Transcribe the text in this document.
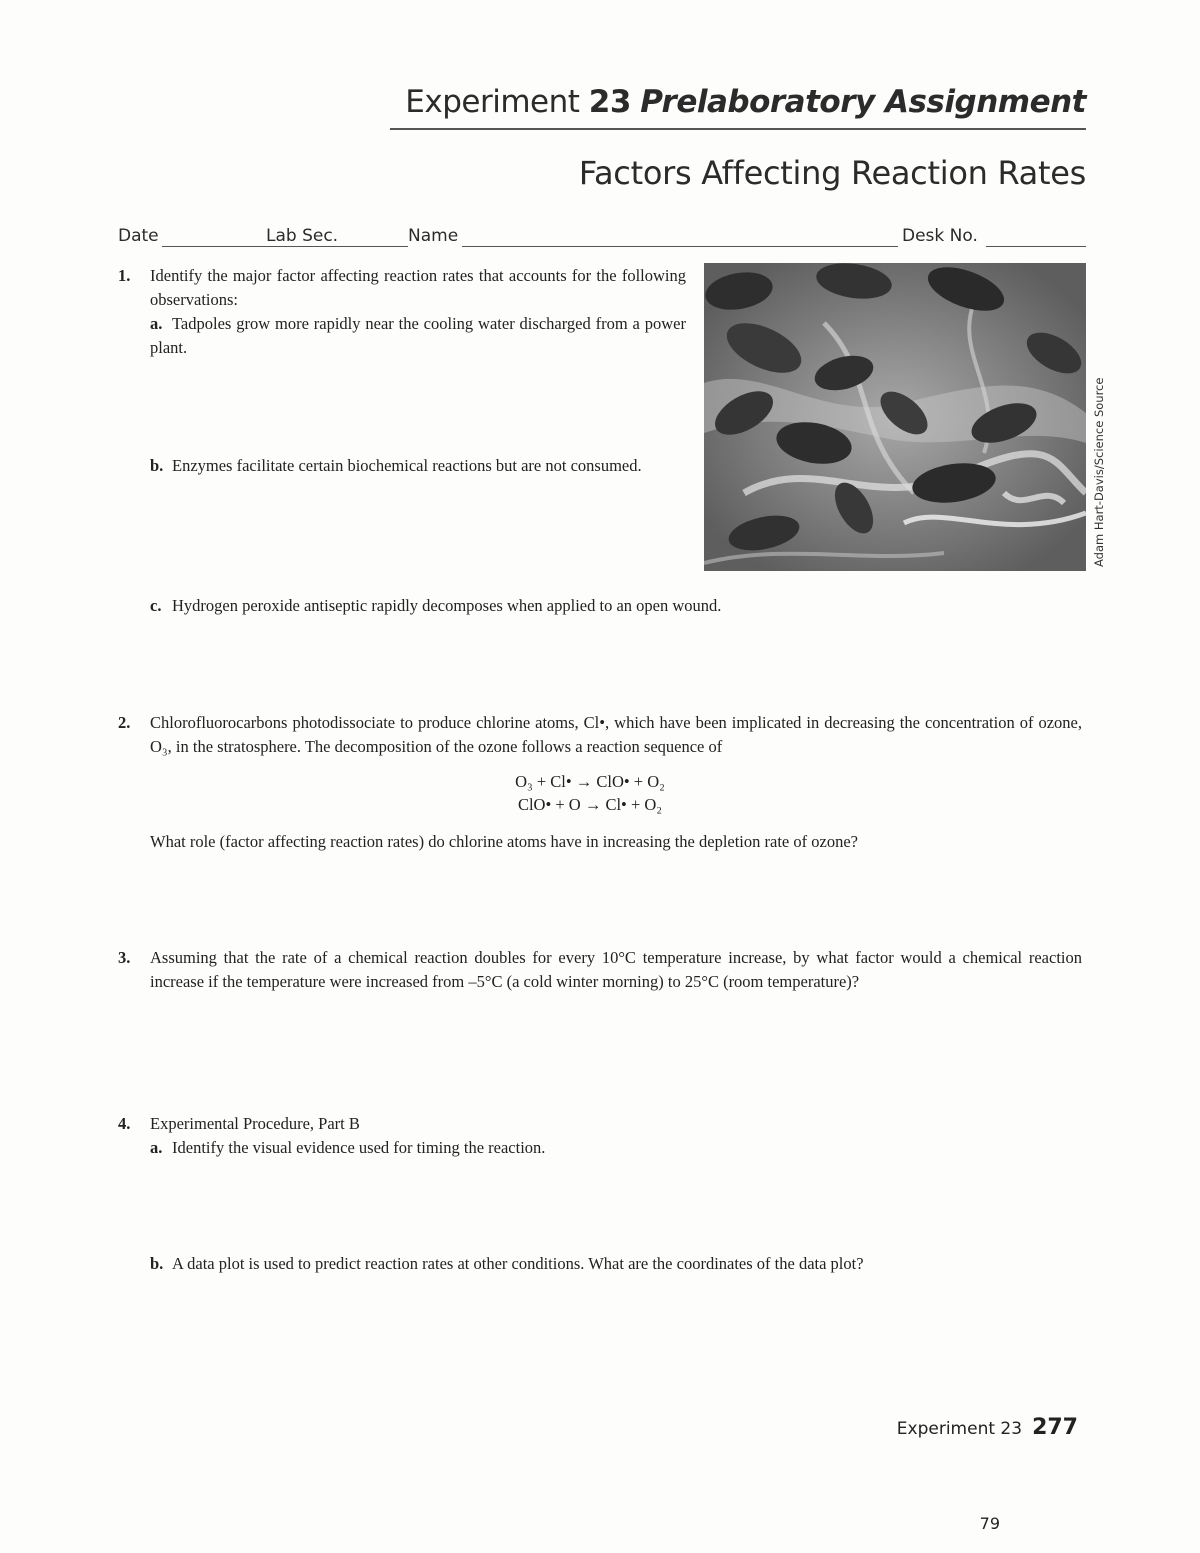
Experiment 23 Prelaboratory Assignment
Factors Affecting Reaction Rates
Date	Lab Sec.	Name	Desk No.
1. Identify the major factor affecting reaction rates that accounts for the following observations:
a. Tadpoles grow more rapidly near the cooling water discharged from a power plant.
b. Enzymes facilitate certain biochemical reactions but are not consumed.	Adam Hart-Davis/Science Source
c. Hydrogen peroxide antiseptic rapidly decomposes when applied to an open wound.
2. Chlorofluorocarbons photodissociate to produce chlorine atoms, Cl•, which have been implicated in decreasing the concentration of ozone, O₃, in the stratosphere. The decomposition of the ozone follows a reaction sequence of
O₃ + Cl• → ClO• + O₂
ClO• + O → Cl• + O₂
What role (factor affecting reaction rates) do chlorine atoms have in increasing the depletion rate of ozone?
3. Assuming that the rate of a chemical reaction doubles for every 10°C temperature increase, by what factor would a chemical reaction increase if the temperature were increased from –5°C (a cold winter morning) to 25°C (room temperature)?
4. Experimental Procedure, Part B
a. Identify the visual evidence used for timing the reaction.
b. A data plot is used to predict reaction rates at other conditions. What are the coordinates of the data plot?
Experiment 23 277
79
